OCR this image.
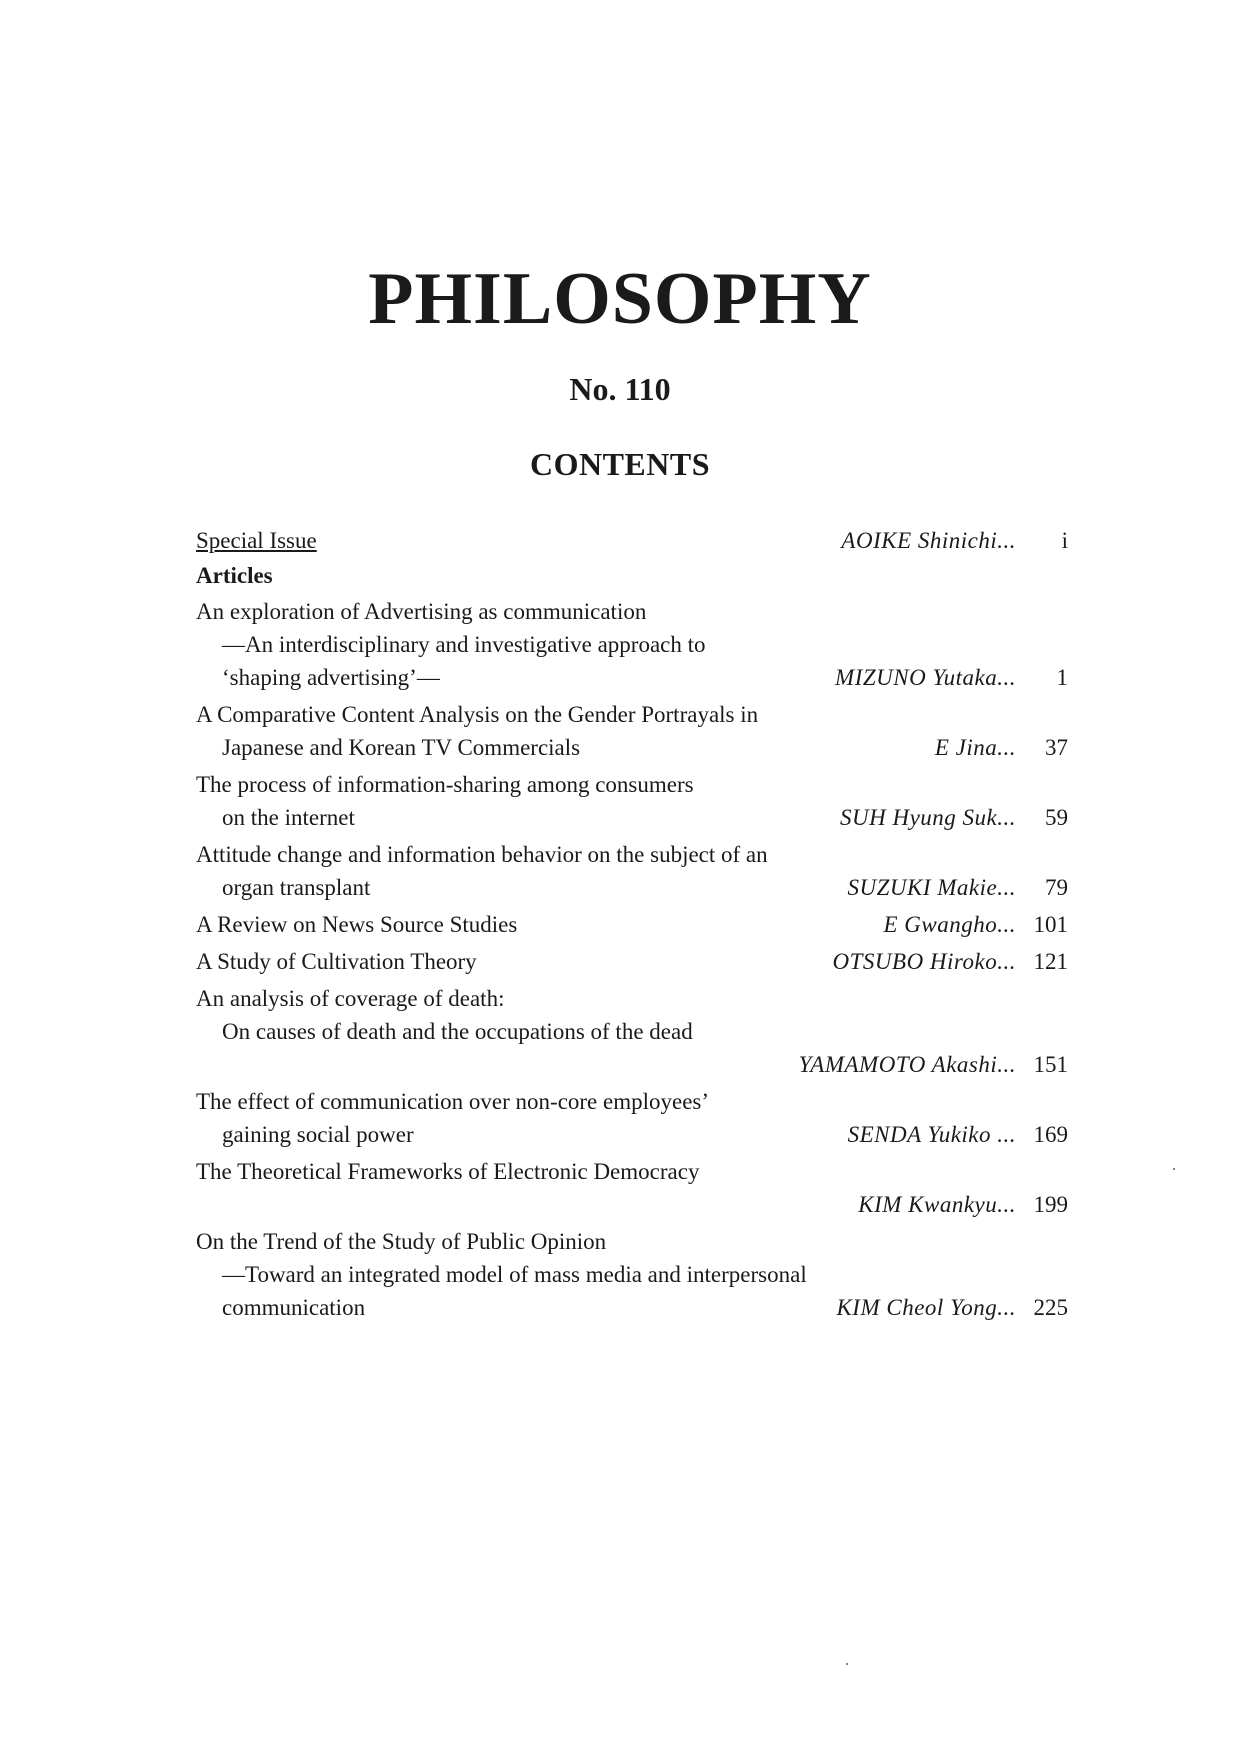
PHILOSOPHY
No. 110
CONTENTS
Special Issue	AOIKE Shinichi...	i
Articles
An exploration of Advertising as communication
—An interdisciplinary and investigative approach to
‘shaping advertising’—	MIZUNO Yutaka...	1
A Comparative Content Analysis on the Gender Portrayals in
Japanese and Korean TV Commercials	E Jina...	37
The process of information-sharing among consumers
on the internet	SUH Hyung Suk...	59
Attitude change and information behavior on the subject of an
organ transplant	SUZUKI Makie...	79
A Review on News Source Studies	E Gwangho... 101
A Study of Cultivation Theory	OTSUBO Hiroko... 121
An analysis of coverage of death:
On causes of death and the occupations of the dead
YAMAMOTO Akashi... 151
The effect of communication over non-core employees’
gaining social power	SENDA Yukiko ... 169
The Theoretical Frameworks of Electronic Democracy
KIM Kwankyu... 199
On the Trend of the Study of Public Opinion
—Toward an integrated model of mass media and interpersonal
communication	KIM Cheol Yong... 225
